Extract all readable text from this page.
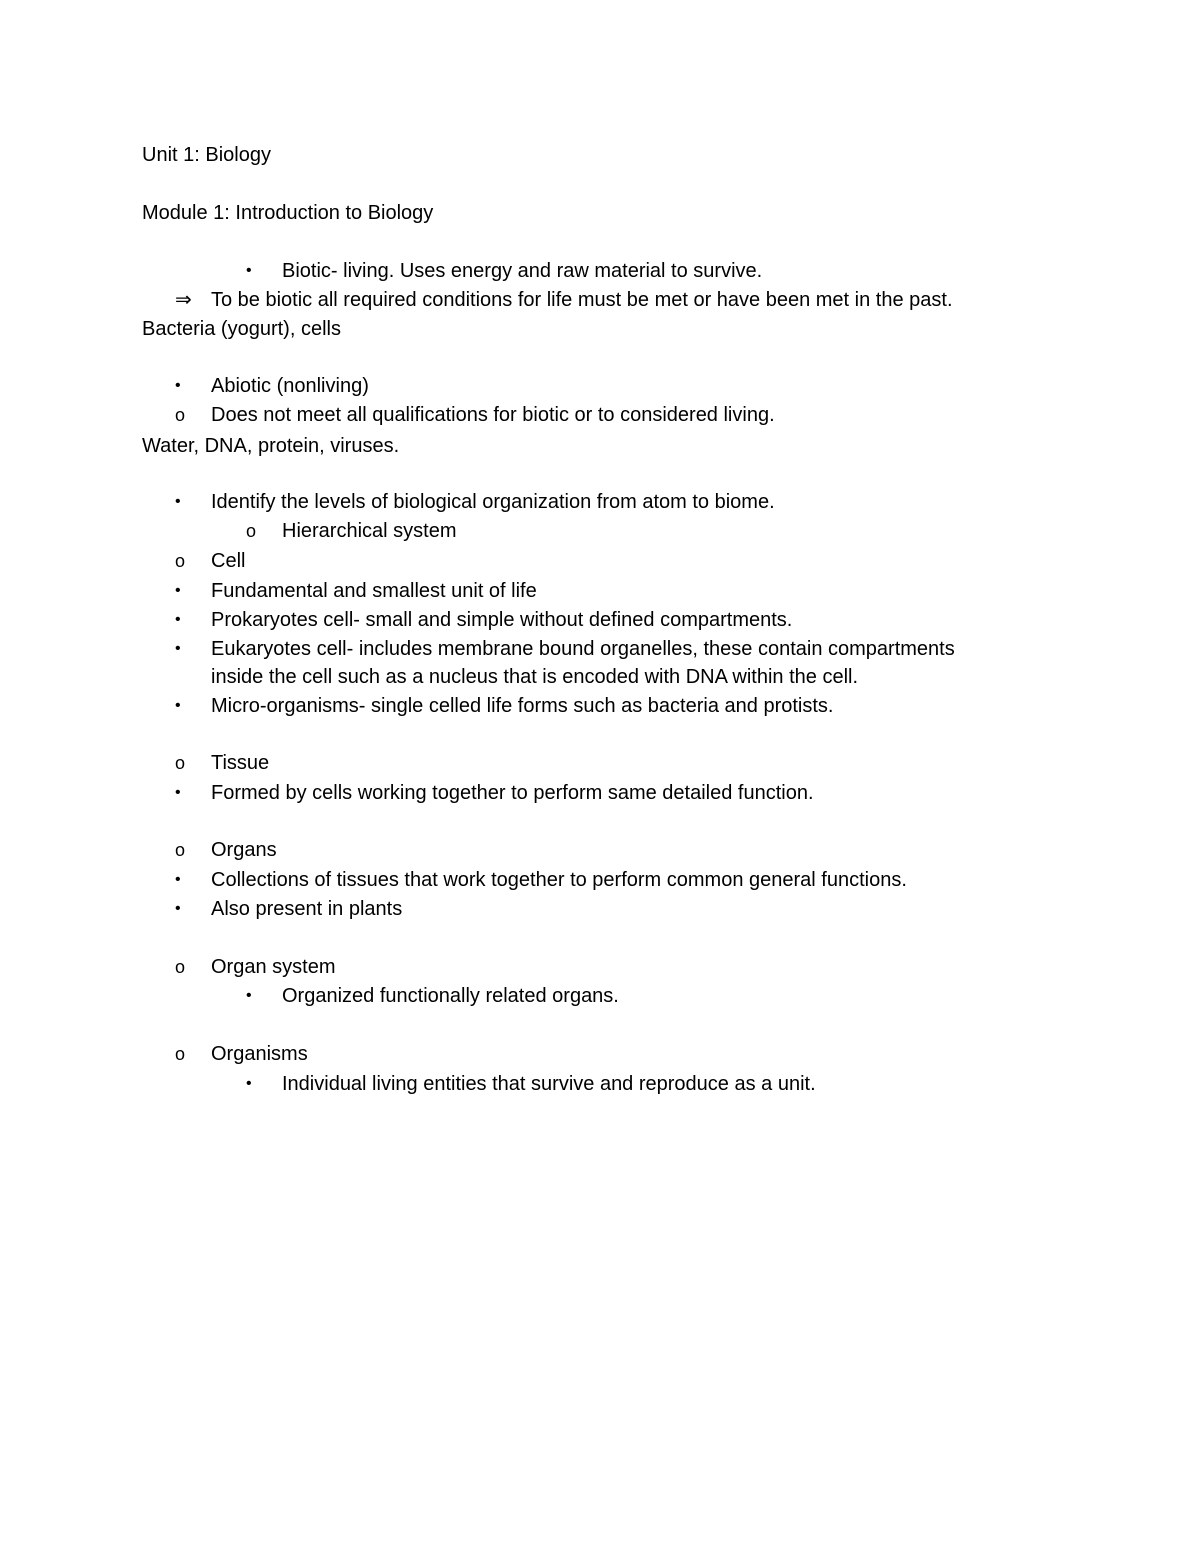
Unit 1: Biology
Module 1: Introduction to Biology
• Biotic- living. Uses energy and raw material to survive.
⇒ To be biotic all required conditions for life must be met or have been met in the past.
Bacteria (yogurt), cells
• Abiotic (nonliving)
o Does not meet all qualifications for biotic or to considered living.
Water, DNA, protein, viruses.
• Identify the levels of biological organization from atom to biome.
o Hierarchical system
o Cell
• Fundamental and smallest unit of life
• Prokaryotes cell- small and simple without defined compartments.
• Eukaryotes cell- includes membrane bound organelles, these contain compartments
inside the cell such as a nucleus that is encoded with DNA within the cell.
• Micro-organisms- single celled life forms such as bacteria and protists.
o Tissue
• Formed by cells working together to perform same detailed function.
o Organs
• Collections of tissues that work together to perform common general functions.
• Also present in plants
o Organ system
• Organized functionally related organs.
o Organisms
• Individual living entities that survive and reproduce as a unit.
